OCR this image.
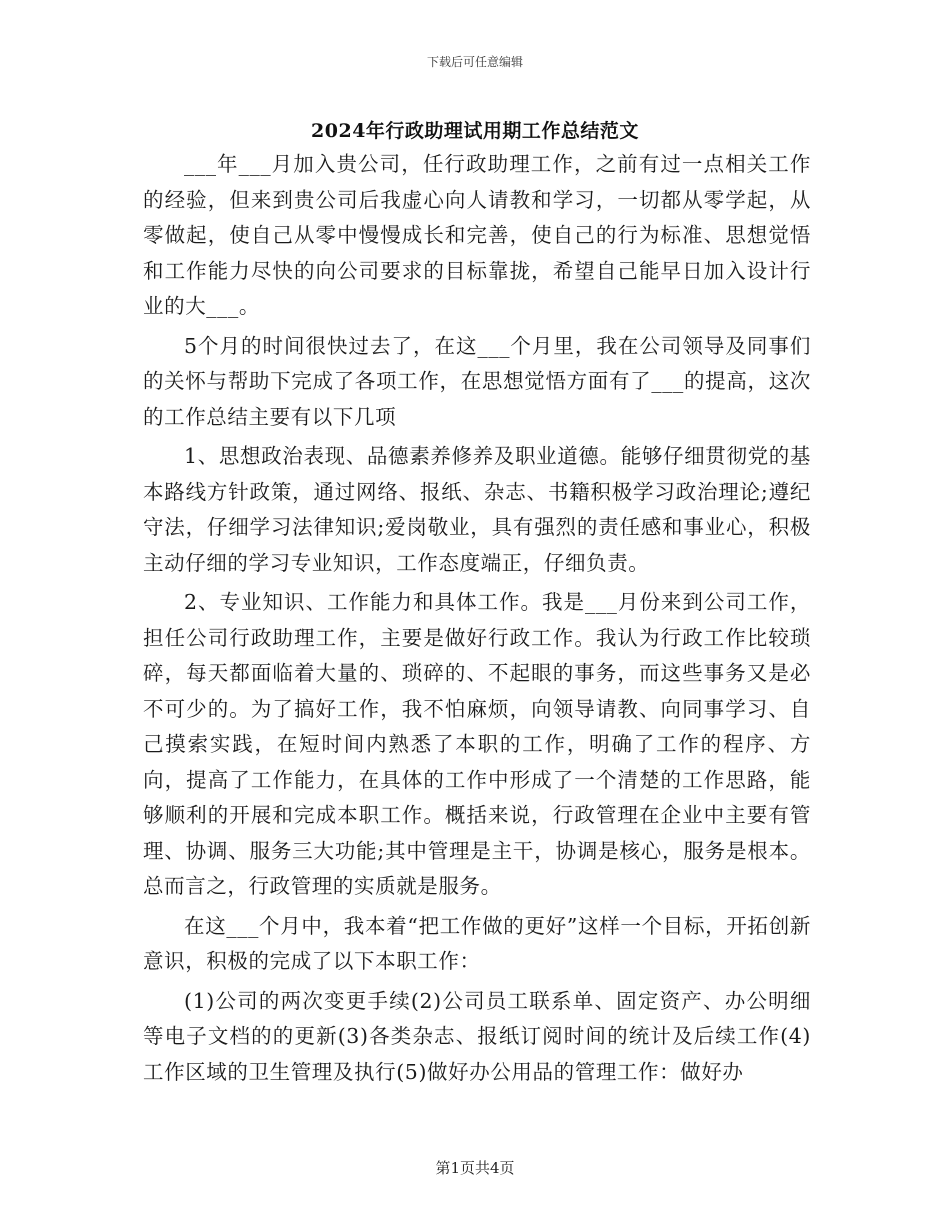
下载后可任意编辑
2024年行政助理试用期工作总结范文

___年___月加入贵公司，任行政助理工作，之前有过一点相关工作的经验，但来到贵公司后我虚心向人请教和学习，一切都从零学起，从零做起，使自己从零中慢慢成长和完善，使自己的行为标准、思想觉悟和工作能力尽快的向公司要求的目标靠拢，希望自己能早日加入设计行业的大___。

5个月的时间很快过去了，在这___个月里，我在公司领导及同事们的关怀与帮助下完成了各项工作，在思想觉悟方面有了___的提高，这次的工作总结主要有以下几项

1、思想政治表现、品德素养修养及职业道德。能够仔细贯彻党的基本路线方针政策，通过网络、报纸、杂志、书籍积极学习政治理论;遵纪守法，仔细学习法律知识;爱岗敬业，具有强烈的责任感和事业心，积极主动仔细的学习专业知识，工作态度端正，仔细负责。

2、专业知识、工作能力和具体工作。我是___月份来到公司工作，担任公司行政助理工作，主要是做好行政工作。我认为行政工作比较琐碎，每天都面临着大量的、琐碎的、不起眼的事务，而这些事务又是必不可少的。为了搞好工作，我不怕麻烦，向领导请教、向同事学习、自己摸索实践，在短时间内熟悉了本职的工作，明确了工作的程序、方向，提高了工作能力，在具体的工作中形成了一个清楚的工作思路，能够顺利的开展和完成本职工作。概括来说，行政管理在企业中主要有管理、协调、服务三大功能;其中管理是主干，协调是核心，服务是根本。总而言之，行政管理的实质就是服务。

在这___个月中，我本着“把工作做的更好”这样一个目标，开拓创新意识，积极的完成了以下本职工作：

(1)公司的两次变更手续(2)公司员工联系单、固定资产、办公明细等电子文档的的更新(3)各类杂志、报纸订阅时间的统计及后续工作(4)工作区域的卫生管理及执行(5)做好办公用品的管理工作：做好办

第1页共4页
